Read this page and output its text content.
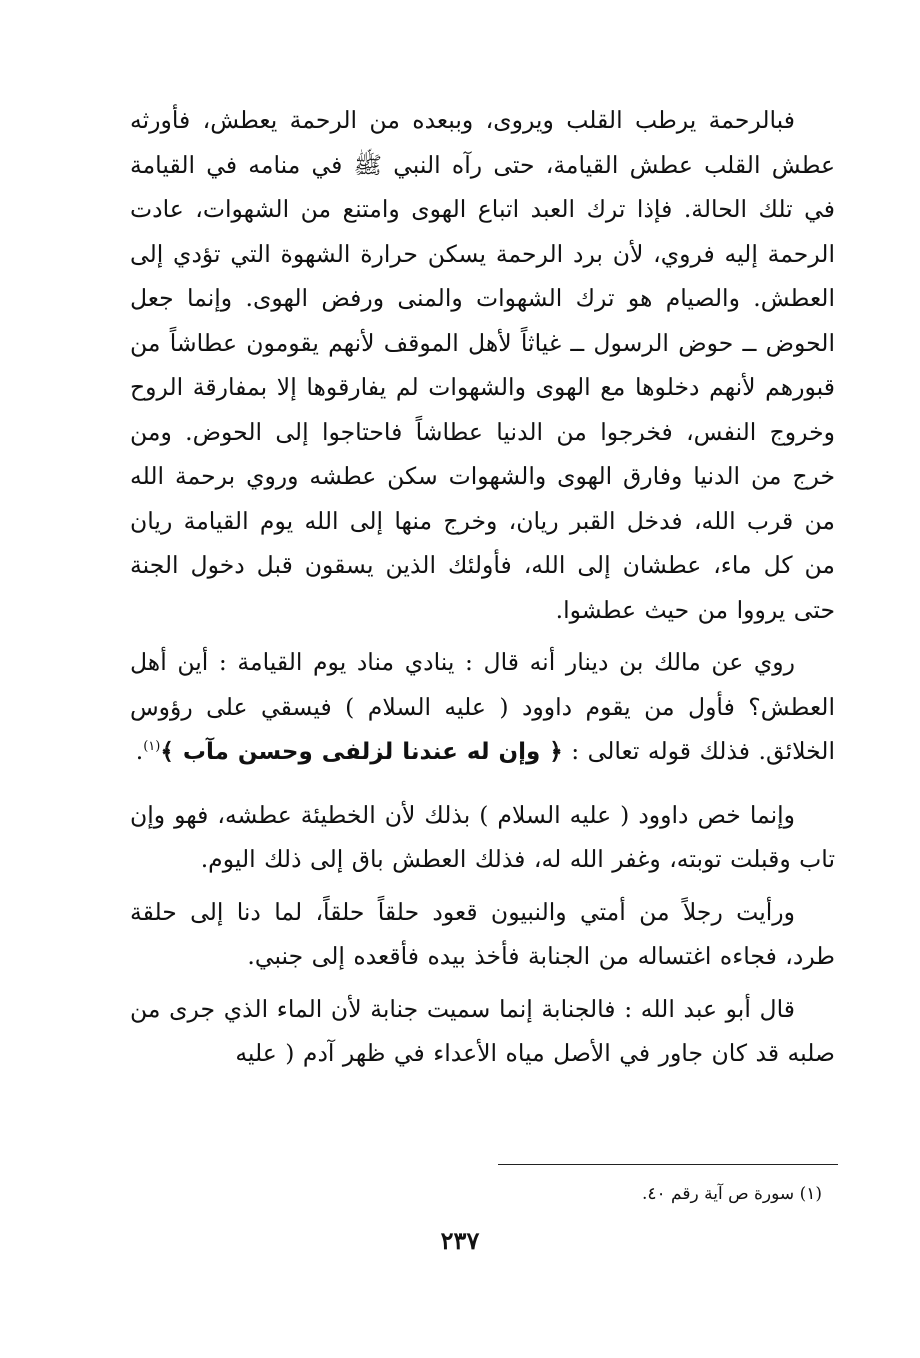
فبالرحمة يرطب القلب ويروى، وببعده من الرحمة يعطش، فأورثه عطش القلب عطش القيامة، حتى رآه النبي ﷺ في منامه في القيامة في تلك الحالة. فإذا ترك العبد اتباع الهوى وامتنع من الشهوات، عادت الرحمة إليه فروي، لأن برد الرحمة يسكن حرارة الشهوة التي تؤدي إلى العطش. والصيام هو ترك الشهوات والمنى ورفض الهوى. وإنما جعل الحوض ــ حوض الرسول ــ غياثاً لأهل الموقف لأنهم يقومون عطاشاً من قبورهم لأنهم دخلوها مع الهوى والشهوات لم يفارقوها إلا بمفارقة الروح وخروج النفس، فخرجوا من الدنيا عطاشاً فاحتاجوا إلى الحوض. ومن خرج من الدنيا وفارق الهوى والشهوات سكن عطشه وروي برحمة الله من قرب الله، فدخل القبر ريان، وخرج منها إلى الله يوم القيامة ريان من كل ماء، عطشان إلى الله، فأولئك الذين يسقون قبل دخول الجنة حتى يرووا من حيث عطشوا.

روي عن مالك بن دينار أنه قال : ينادي مناد يوم القيامة : أين أهل العطش؟ فأول من يقوم داوود ( عليه السلام ) فيسقي على رؤوس الخلائق. فذلك قوله تعالى : ﴿ وإن له عندنا لزلفى وحسن مآب ﴾$^{(١)}$.

وإنما خص داوود ( عليه السلام ) بذلك لأن الخطيئة عطشه، فهو وإن تاب وقبلت توبته، وغفر الله له، فذلك العطش باق إلى ذلك اليوم.

ورأيت رجلاً من أمتي والنبيون قعود حلقاً حلقاً، لما دنا إلى حلقة طرد، فجاءه اغتساله من الجنابة فأخذ بيده فأقعده إلى جنبي.

قال أبو عبد الله : فالجنابة إنما سميت جنابة لأن الماء الذي جرى من صلبه قد كان جاور في الأصل مياه الأعداء في ظهر آدم ( عليه

(١) سورة ص آية رقم ٤٠.
٢٣٧
